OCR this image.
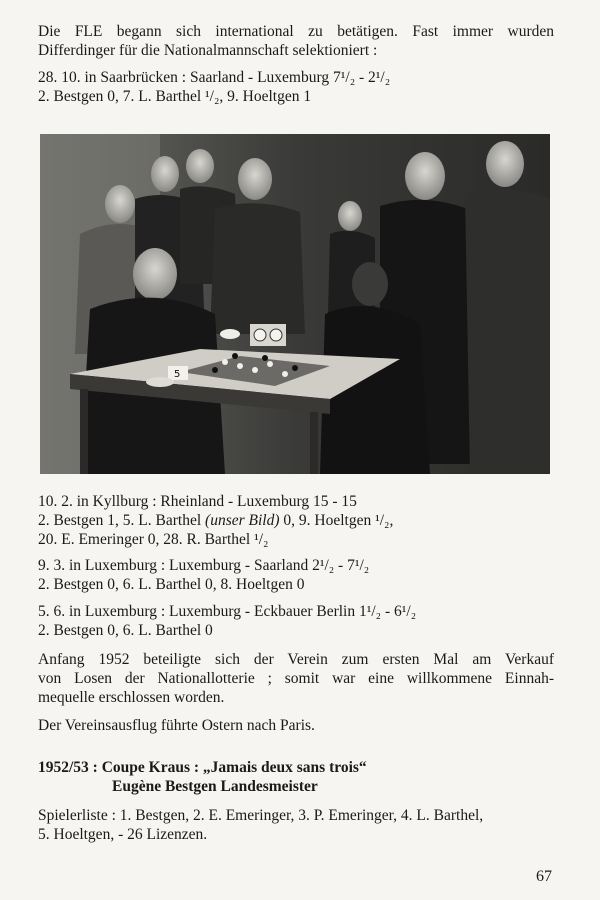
Die FLE begann sich international zu betätigen. Fast immer wurden
Differdinger für die Nationalmannschaft selektioniert :
28. 10. in Saarbrücken : Saarland - Luxemburg 7¹/₂ - 2¹/₂
2. Bestgen 0, 7. L. Barthel ¹/₂, 9. Hoeltgen 1
5
10. 2. in Kyllburg : Rheinland - Luxemburg 15 - 15
2. Bestgen 1, 5. L. Barthel (unser Bild) 0, 9. Hoeltgen ¹/₂,
20. E. Emeringer 0, 28. R. Barthel ¹/₂
9. 3. in Luxemburg : Luxemburg - Saarland 2¹/₂ - 7¹/₂
2. Bestgen 0, 6. L. Barthel 0, 8. Hoeltgen 0
5. 6. in Luxemburg : Luxemburg - Eckbauer Berlin 1¹/₂ - 6¹/₂
2. Bestgen 0, 6. L. Barthel 0
Anfang 1952 beteiligte sich der Verein zum ersten Mal am Verkauf
von Losen der Nationallotterie ; somit war eine willkommene Einnah-
mequelle erschlossen worden.
Der Vereinsausflug führte Ostern nach Paris.
1952/53 : Coupe Kraus : „Jamais deux sans trois“
Eugène Bestgen Landesmeister
Spielerliste : 1. Bestgen, 2. E. Emeringer, 3. P. Emeringer, 4. L. Barthel,
5. Hoeltgen, - 26 Lizenzen.
67
